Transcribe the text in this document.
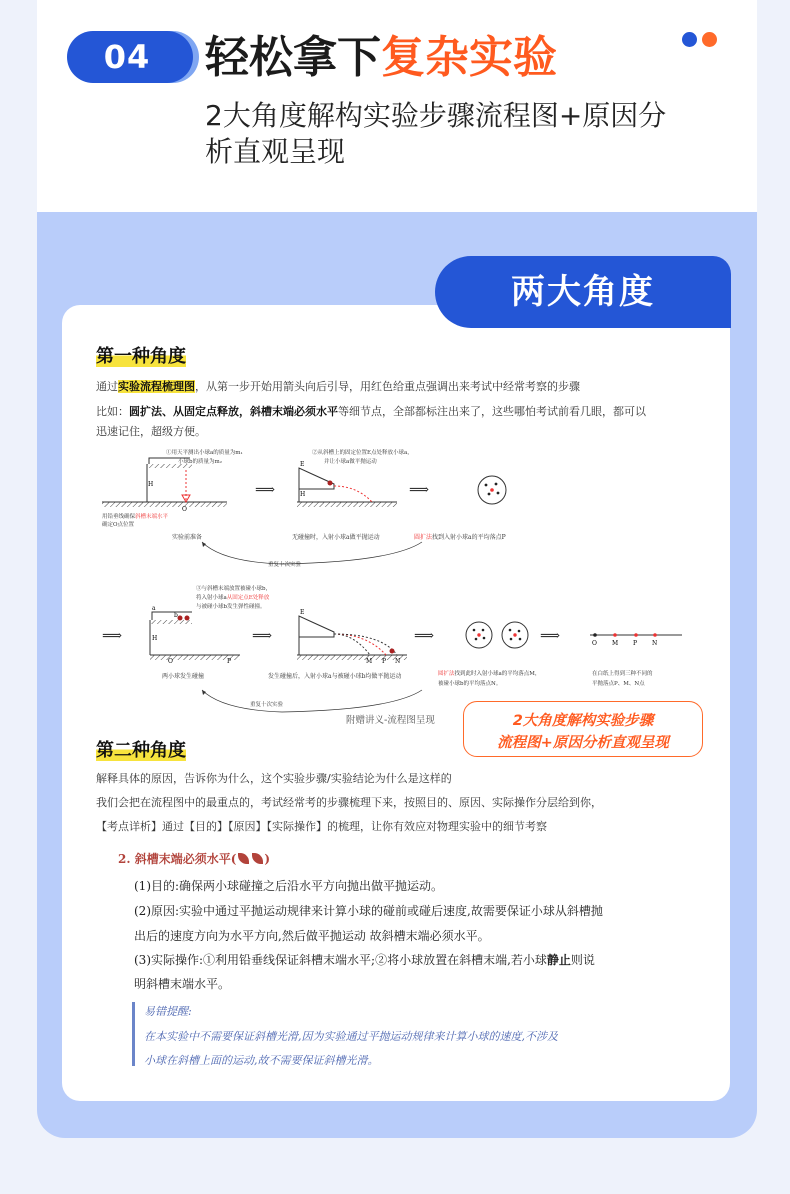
04	轻松拿下复杂实验
2大角度解构实验步骤流程图+原因分
析直观呈现
两大角度
第一种角度
通过实验流程梳理图，从第一步开始用箭头向后引导，用红色给重点强调出来考试中经常考察的步骤
比如：圆扩法、从固定点释放，斜槽末端必须水平等细节点，全部都标注出来了，这些哪怕考试前看几眼，都可以
迅速记住，超级方便。
H
O
①用天平测出小球a的质量为m₁
小球b的质量为m₂
用铅垂线确保斜槽末端水平
确定O点位置
实验前准备
⟹
E
H
②从斜槽上的固定位置E点处释放小球a，
并让小球a做平抛运动
无碰撞时，入射小球a做平抛运动
⟹
圆扩法找到入射小球a的平均落点P
重复十次实验
a
b
H
O	P
③与斜槽末端放置被碰小球b，
将入射小球a从固定点E处释放
与被碰小球b发生弹性碰撞。
⟹
两小球发生碰撞
⟹
E
M P N
发生碰撞后，入射小球a与被碰小球b均做平抛运动
⟹
圆扩法找到此时入射小球a的平均落点M，
被碰小球b的平均落点N。
⟹	O	M P N
在白纸上得到三种不同的
平抛落点P、M、N点
重复十次实验
附赠讲义-流程图呈现	2大角度解构实验步骤
流程图+原因分析直观呈现
第二种角度
解释具体的原因，告诉你为什么，这个实验步骤/实验结论为什么是这样的
我们会把在流程图中的最重点的，考试经常考的步骤梳理下来，按照目的、原因、实际操作分层给到你，
【考点详析】通过【目的】【原因】【实际操作】的梳理，让你有效应对物理实验中的细节考察
2. 斜槽末端必须水平( )
(1)目的:确保两小球碰撞之后沿水平方向抛出做平抛运动。
(2)原因:实验中通过平抛运动规律来计算小球的碰前或碰后速度,故需要保证小球从斜槽抛
出后的速度方向为水平方向,然后做平抛运动 故斜槽末端必须水平。
(3)实际操作:①利用铅垂线保证斜槽末端水平;②将小球放置在斜槽末端,若小球静止则说
明斜槽末端水平。
易错提醒:
在本实验中不需要保证斜槽光滑,因为实验通过平抛运动规律来计算小球的速度,不涉及
小球在斜槽上面的运动,故不需要保证斜槽光滑。
